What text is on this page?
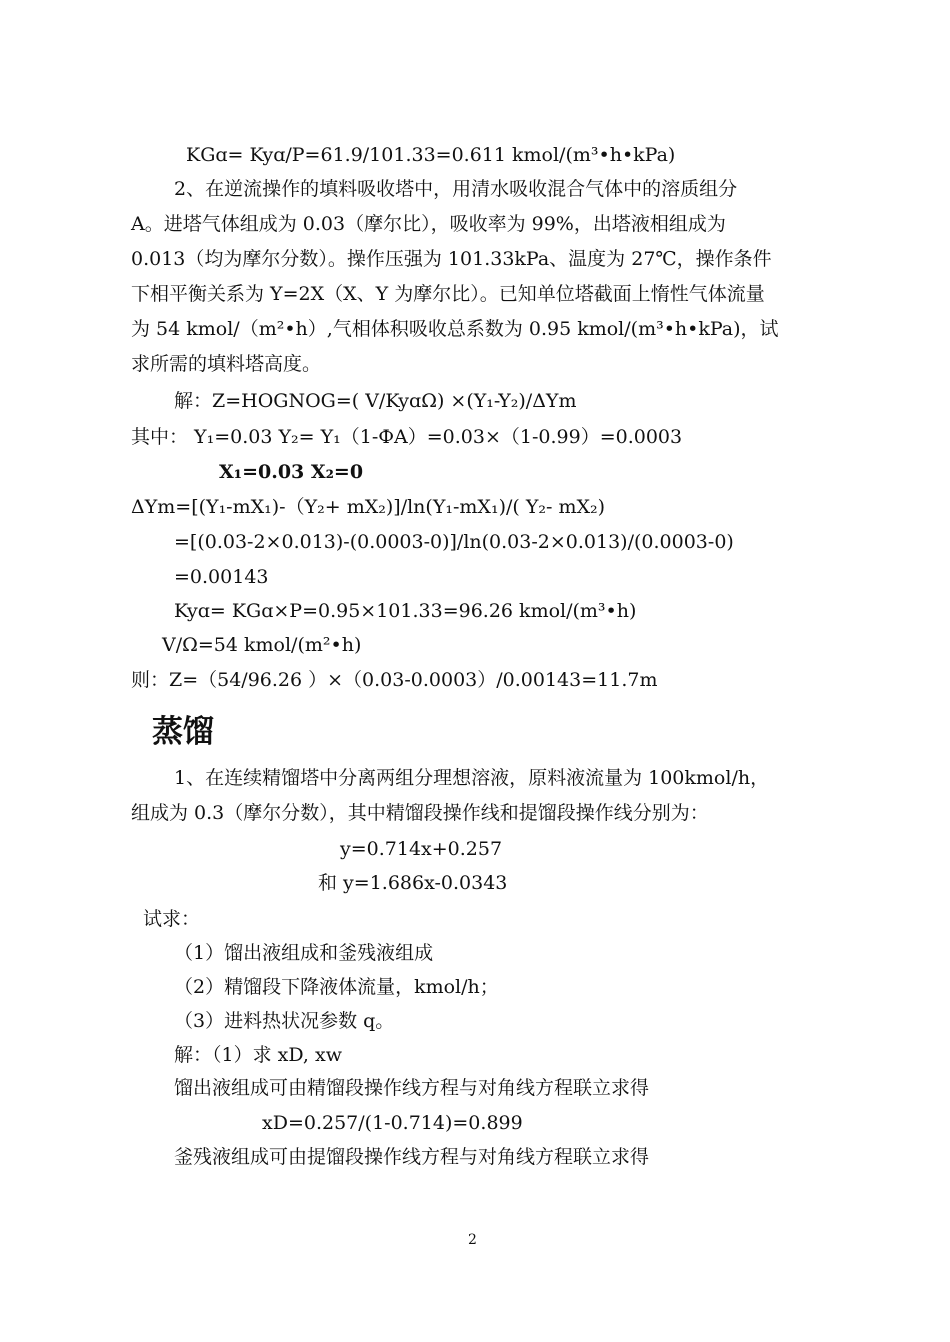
KGɑ= Kyɑ/P=61.9/101.33=0.611 kmol/(m³•h•kPa)
2、在逆流操作的填料吸收塔中，用清水吸收混合气体中的溶质组分
A。进塔气体组成为 0.03（摩尔比），吸收率为 99%，出塔液相组成为
0.013（均为摩尔分数）。操作压强为 101.33kPa、温度为 27℃，操作条件
下相平衡关系为 Y=2X（X、Y 为摩尔比）。已知单位塔截面上惰性气体流量
为 54 kmol/（m²•h）,气相体积吸收总系数为 0.95 kmol/(m³•h•kPa)，试
求所需的填料塔高度。
解：Z=HOGNOG=( V/KyɑΩ) ×(Y₁-Y₂)/ΔYm
其中： Y₁=0.03 Y₂= Y₁（1-ФA）=0.03×（1-0.99）=0.0003
X₁=0.03 X₂=0
ΔYm=[(Y₁-mX₁)-（Y₂+ mX₂)]/ln(Y₁-mX₁)/( Y₂- mX₂)
=[(0.03-2×0.013)-(0.0003-0)]/ln(0.03-2×0.013)/(0.0003-0)
=0.00143
Kyɑ= KGɑ×P=0.95×101.33=96.26 kmol/(m³•h)
V/Ω=54 kmol/(m²•h)
则：Z=（54/96.26 ）×（0.03-0.0003）/0.00143=11.7m
蒸馏
1、在连续精馏塔中分离两组分理想溶液，原料液流量为 100kmol/h，
组成为 0.3（摩尔分数），其中精馏段操作线和提馏段操作线分别为：
y=0.714x+0.257
和 y=1.686x-0.0343
试求：
（1）馏出液组成和釜残液组成
（2）精馏段下降液体流量，kmol/h；
（3）进料热状况参数 q。
解：（1）求 xD, xw
馏出液组成可由精馏段操作线方程与对角线方程联立求得
xD=0.257/(1-0.714)=0.899
釜残液组成可由提馏段操作线方程与对角线方程联立求得
2
